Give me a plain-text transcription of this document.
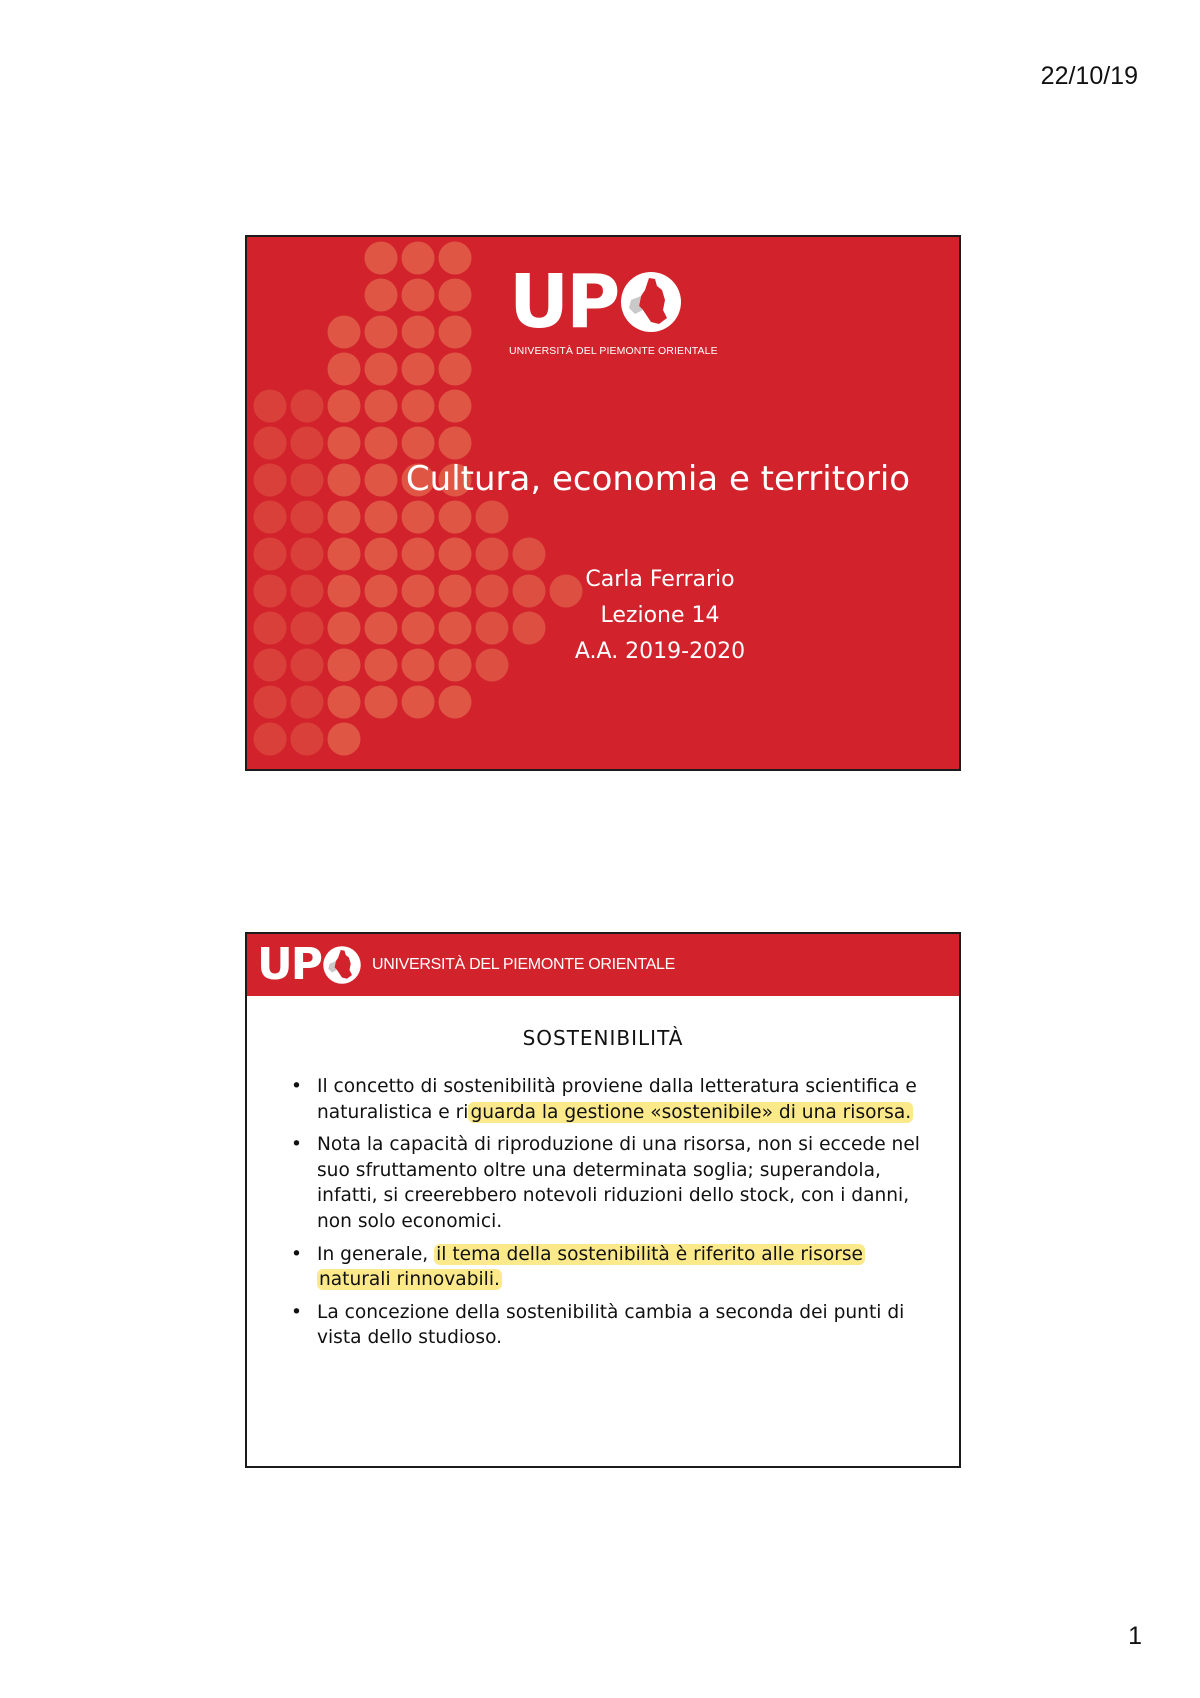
22/10/19
UP
UNIVERSITÀ DEL PIEMONTE ORIENTALE
Cultura, economia e territorio
Carla Ferrario
Lezione 14
A.A. 2019-2020
UP	UNIVERSITÀ DEL PIEMONTE ORIENTALE
SOSTENIBILITÀ
• Il concetto di sostenibilità proviene dalla letteratura scientifica e naturalistica e ri guarda la gestione «sostenibile» di una risorsa.
• Nota la capacità di riproduzione di una risorsa, non si eccede nel suo sfruttamento oltre una determinata soglia; superandola, infatti, si creerebbero notevoli riduzioni dello stock, con i danni, non solo economici.
• In generale, il tema della sostenibilità è riferito alle risorse naturali rinnovabili.
• La concezione della sostenibilità cambia a seconda dei punti di vista dello studioso.
1
